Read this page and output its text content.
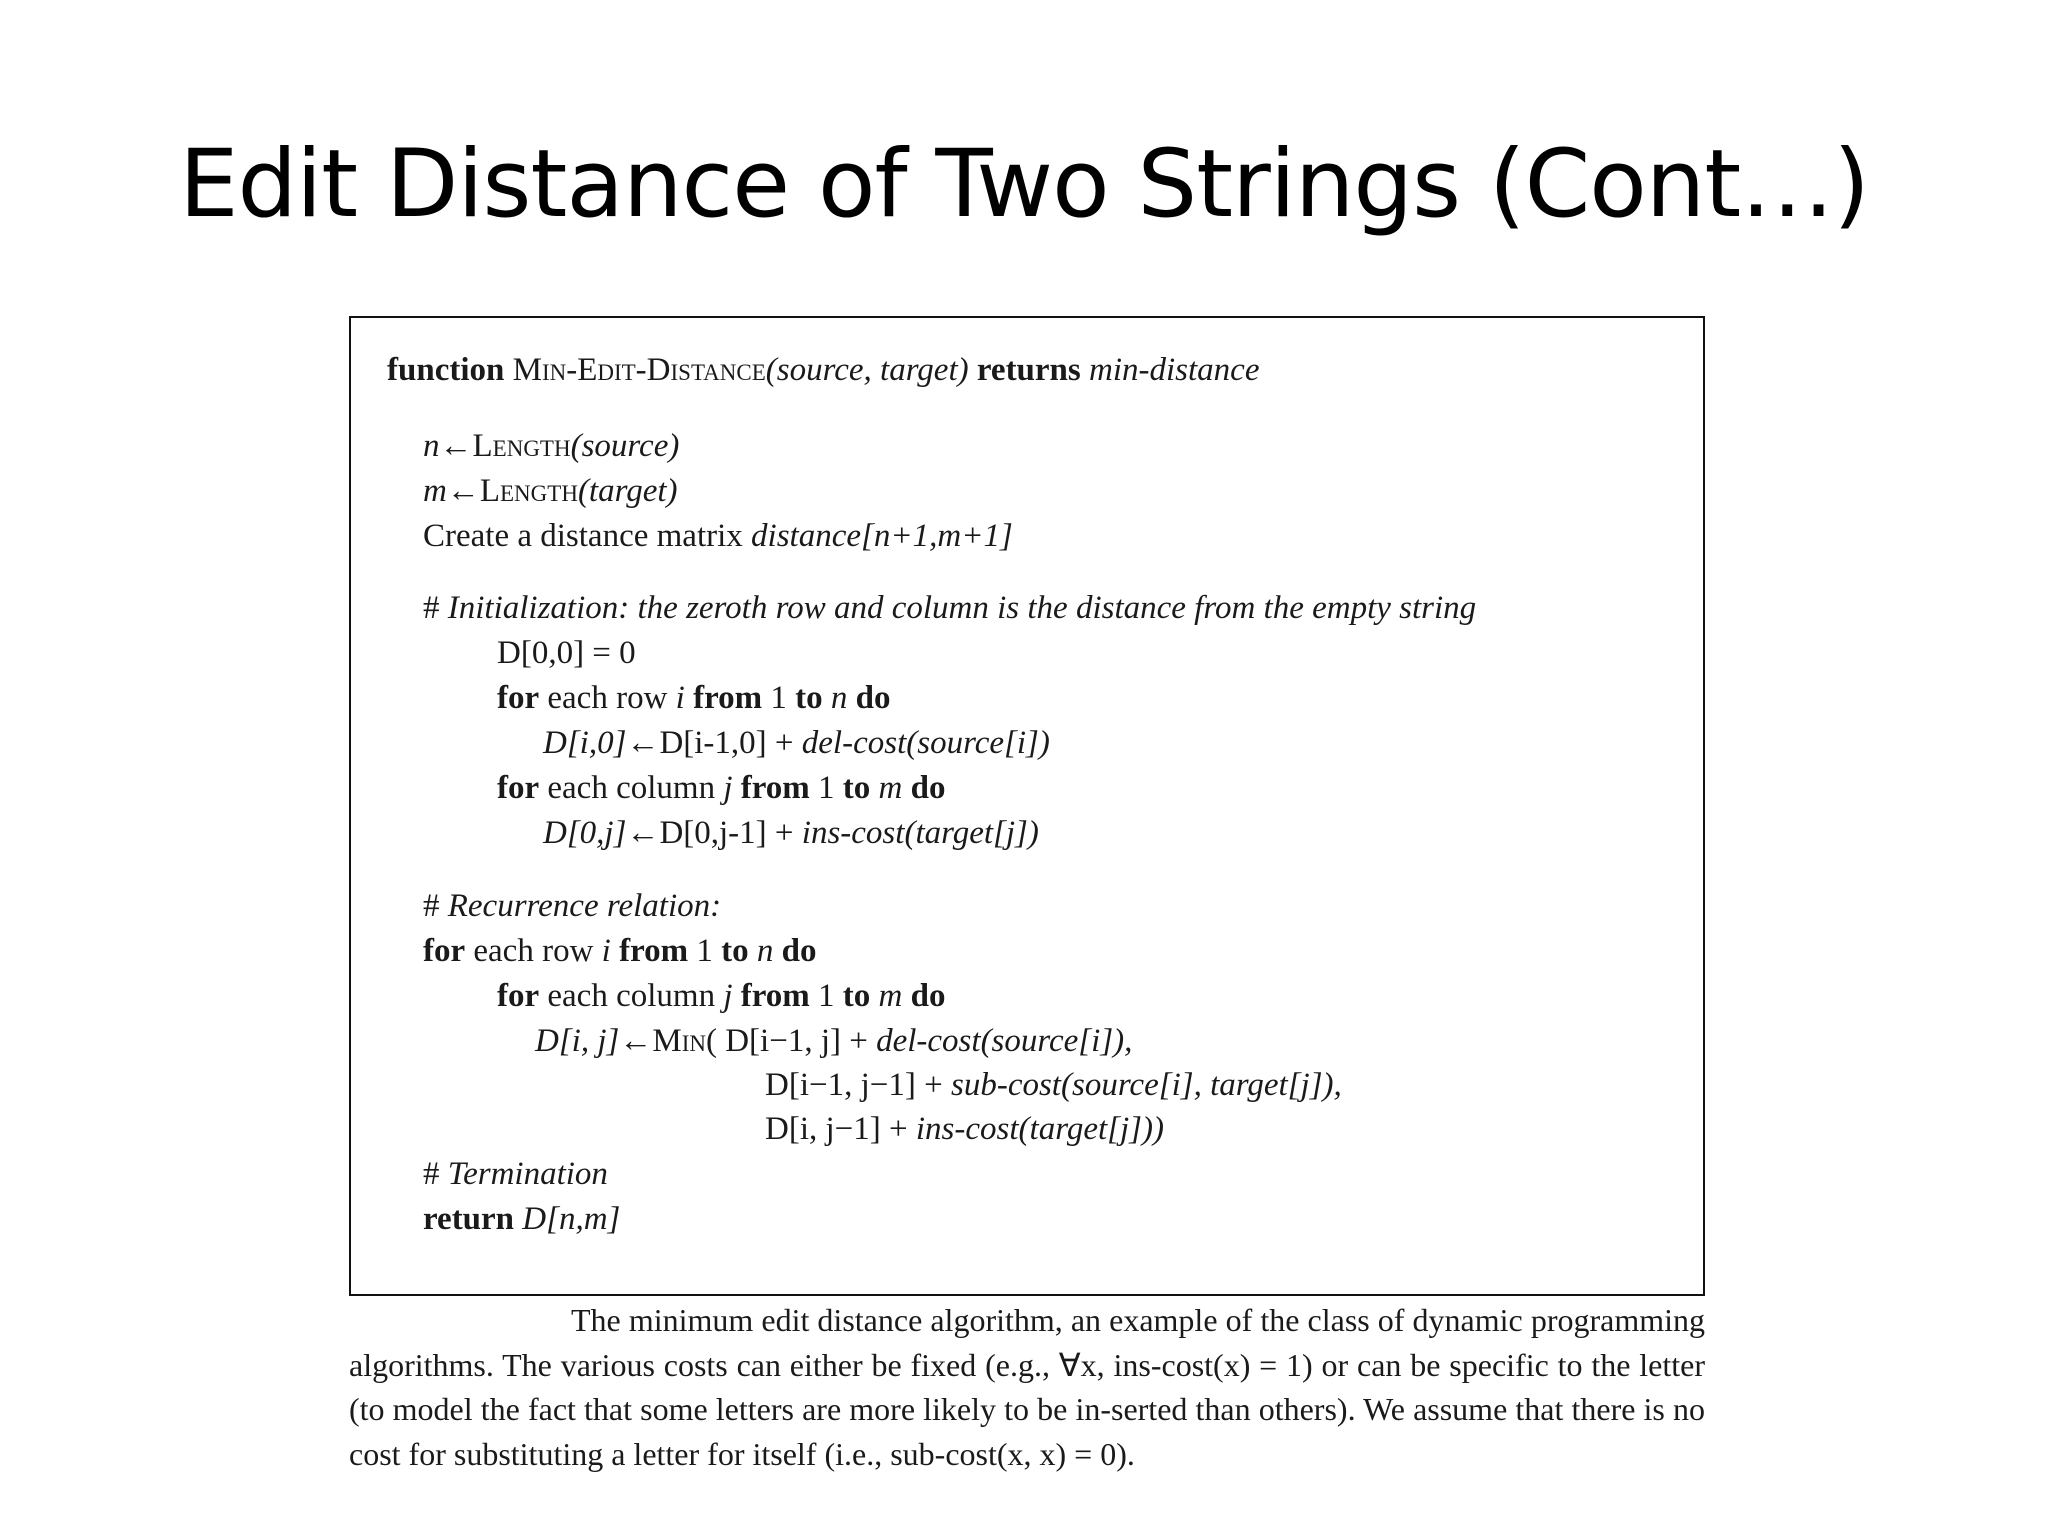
Edit Distance of Two Strings (Cont…)
function Min-Edit-Distance(source, target) returns min-distance
n←Length(source)
m←Length(target)
Create a distance matrix distance[n+1,m+1]
# Initialization: the zeroth row and column is the distance from the empty string
D[0,0] = 0
for each row i from 1 to n do
D[i,0]←D[i-1,0] + del-cost(source[i])
for each column j from 1 to m do
D[0,j]←D[0,j-1] + ins-cost(target[j])
# Recurrence relation:
for each row i from 1 to n do
for each column j from 1 to m do
D[i, j]←Min( D[i−1, j] + del-cost(source[i]),
D[i−1, j−1] + sub-cost(source[i], target[j]),
D[i, j−1] + ins-cost(target[j]))
# Termination
return D[n,m]

The minimum edit distance algorithm, an example of the class of dynamic programming algorithms. The various costs can either be fixed (e.g., ∀x, ins-cost(x) = 1) or can be specific to the letter (to model the fact that some letters are more likely to be in-serted than others). We assume that there is no cost for substituting a letter for itself (i.e., sub-cost(x, x) = 0).
